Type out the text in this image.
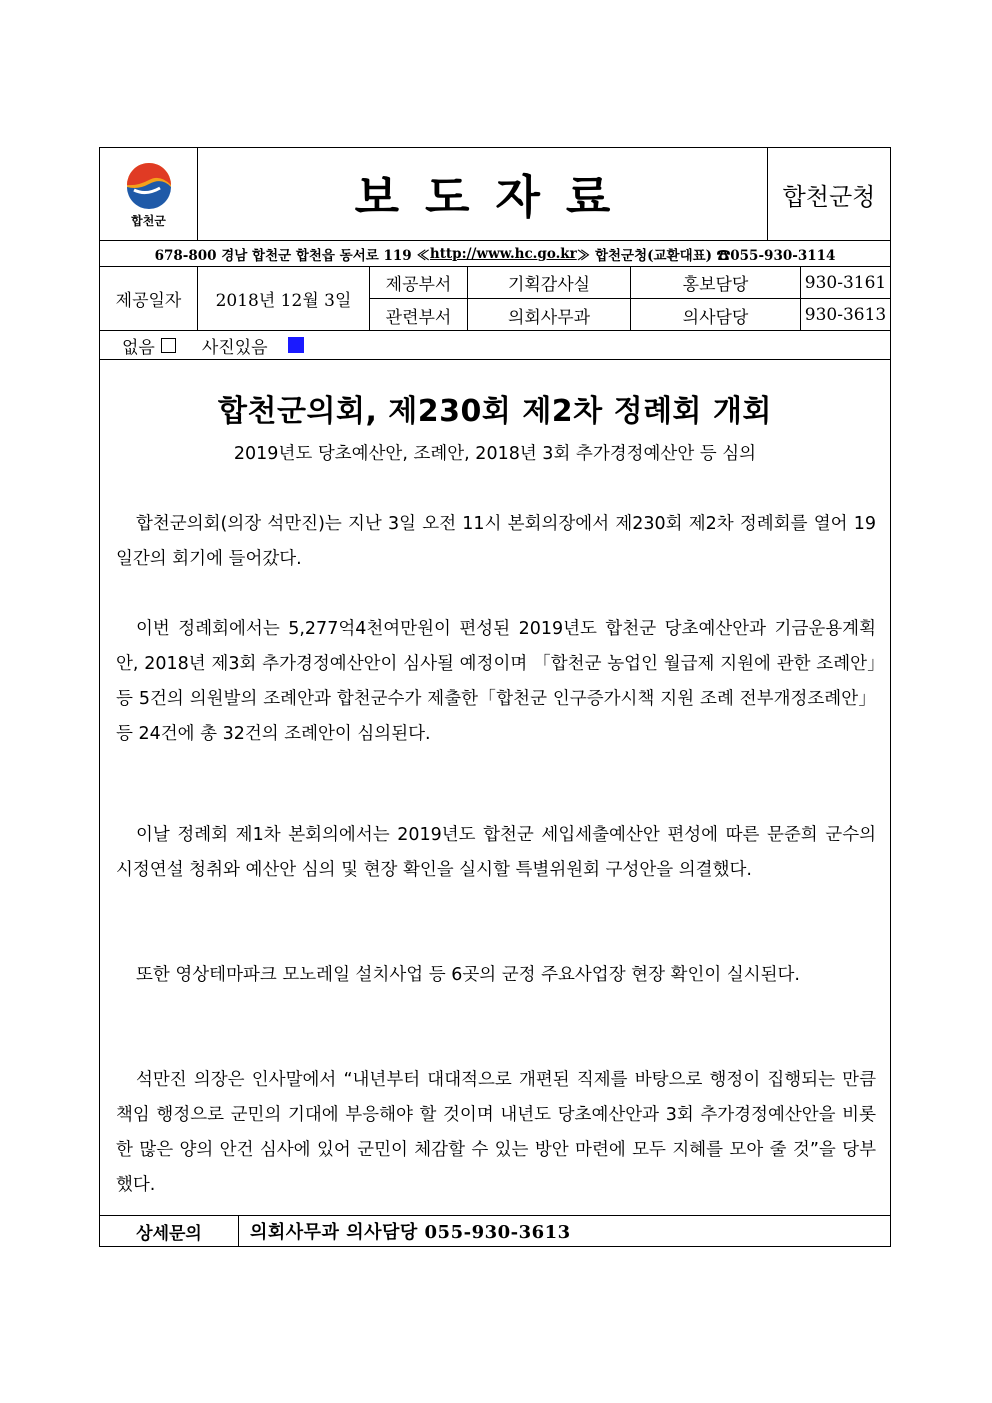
합천군	보도자료	합천군청
678-800 경남 합천군 합천읍 동서로 119 ≪ http://www.hc.go.kr ≫ 합천군청(교환대표) ☎055-930-3114
제공일자	2018년 12월 3일
제공부서	기획감사실	홍보담당	930-3161
관련부서	의회사무과	의사담당	930-3613
없음	사진있음
합천군의회, 제230회 제2차 정례회 개회
2019년도 당초예산안, 조례안, 2018년 3회 추가경정예산안 등 심의

합천군의회(의장 석만진)는 지난 3일 오전 11시 본회의장에서 제230회 제2차 정례회를 열어 19일간의 회기에 들어갔다.

이번 정례회에서는 5,277억4천여만원이 편성된 2019년도 합천군 당초예산안과 기금운용계획안, 2018년 제3회 추가경정예산안이 심사될 예정이며 「합천군 농업인 월급제 지원에 관한 조례안」등 5건의 의원발의 조례안과 합천군수가 제출한「합천군 인구증가시책 지원 조례 전부개정조례안」 등 24건에 총 32건의 조례안이 심의된다.

이날 정례회 제1차 본회의에서는 2019년도 합천군 세입세출예산안 편성에 따른 문준희 군수의 시정연설 청취와 예산안 심의 및 현장 확인을 실시할 특별위원회 구성안을 의결했다.

또한 영상테마파크 모노레일 설치사업 등 6곳의 군정 주요사업장 현장 확인이 실시된다.

석만진 의장은 인사말에서 “내년부터 대대적으로 개편된 직제를 바탕으로 행정이 집행되는 만큼 책임 행정으로 군민의 기대에 부응해야 할 것이며 내년도 당초예산안과 3회 추가경정예산안을 비롯한 많은 양의 안건 심사에 있어 군민이 체감할 수 있는 방안 마련에 모두 지혜를 모아 줄 것”을 당부했다.

상세문의	의회사무과 의사담당 055-930-3613
